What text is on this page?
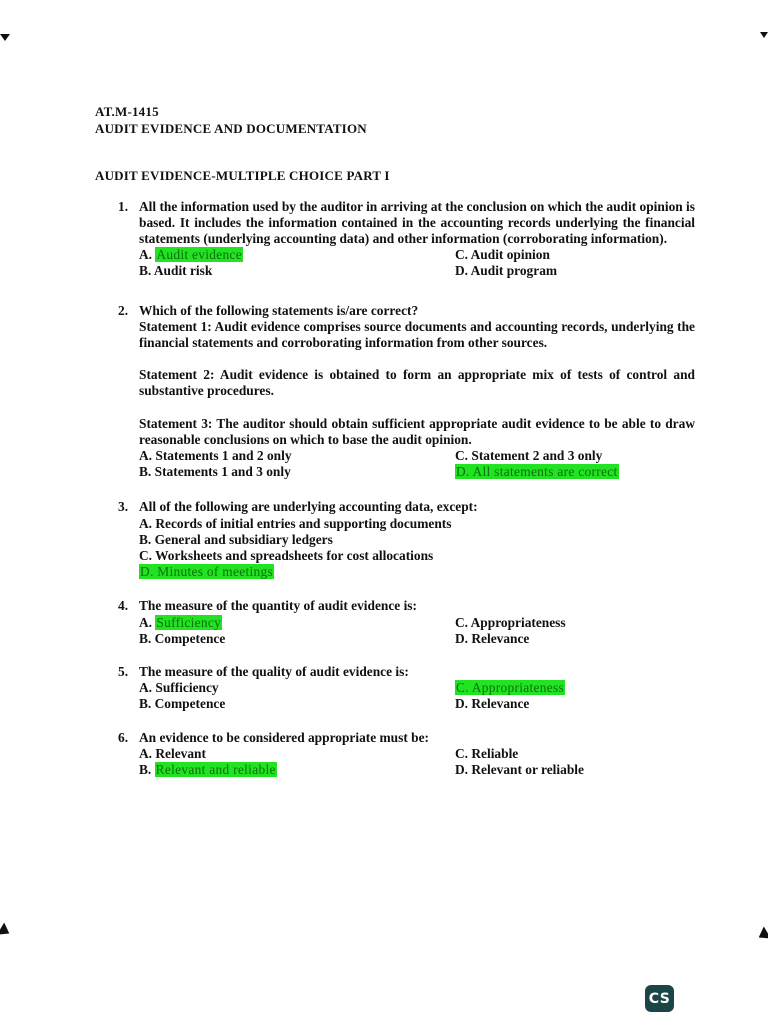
AT.M-1415
AUDIT EVIDENCE AND DOCUMENTATION
AUDIT EVIDENCE-MULTIPLE CHOICE PART I
1. All the information used by the auditor in arriving at the conclusion on which the audit opinion is based. It includes the information contained in the accounting records underlying the financial statements (underlying accounting data) and other information (corroborating information).

A. Audit evidence	C. Audit opinion
B. Audit risk	D. Audit program
2. Which of the following statements is/are correct?

Statement 1: Audit evidence comprises source documents and accounting records, underlying the financial statements and corroborating information from other sources.

Statement 2: Audit evidence is obtained to form an appropriate mix of tests of control and substantive procedures.

Statement 3: The auditor should obtain sufficient appropriate audit evidence to be able to draw reasonable conclusions on which to base the audit opinion.

A. Statements 1 and 2 only	C. Statement 2 and 3 only
B. Statements 1 and 3 only	D. All statements are correct
3. All of the following are underlying accounting data, except:

A. Records of initial entries and supporting documents
B. General and subsidiary ledgers
C. Worksheets and spreadsheets for cost allocations
D. Minutes of meetings
4. The measure of the quantity of audit evidence is:

A. Sufficiency	C. Appropriateness
B. Competence	D. Relevance
5. The measure of the quality of audit evidence is:

A. Sufficiency	C. Appropriateness
B. Competence	D. Relevance
6. An evidence to be considered appropriate must be:

A. Relevant	C. Reliable
B. Relevant and reliable	D. Relevant or reliable
CS
